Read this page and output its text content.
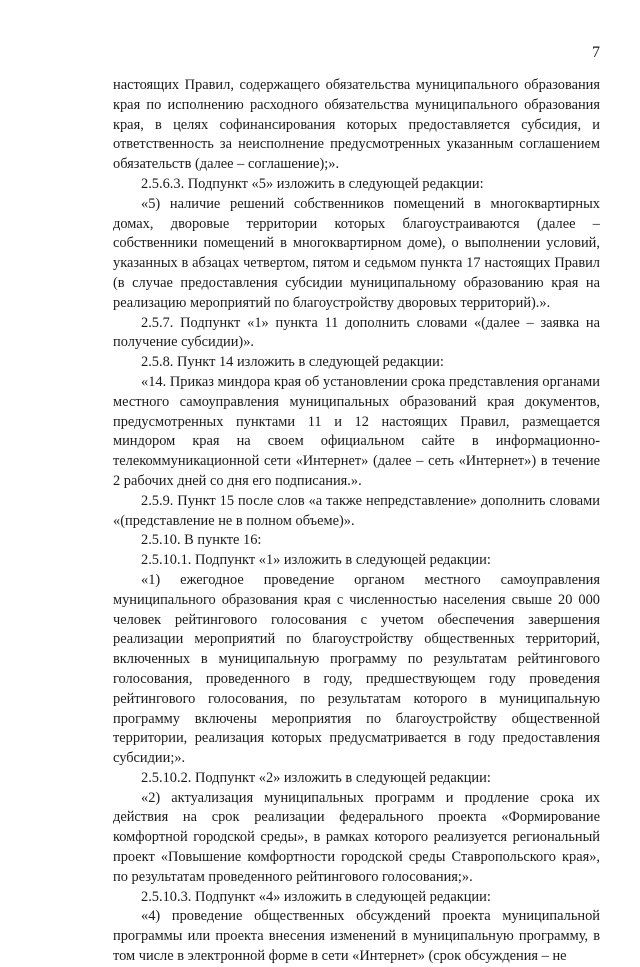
7

настоящих Правил, содержащего обязательства муниципального образования края по исполнению расходного обязательства муниципального образования края, в целях софинансирования которых предоставляется субсидия, и ответственность за неисполнение предусмотренных указанным соглашением обязательств (далее – соглашение);».

2.5.6.3. Подпункт «5» изложить в следующей редакции:

«5) наличие решений собственников помещений в многоквартирных домах, дворовые территории которых благоустраиваются (далее – собственники помещений в многоквартирном доме), о выполнении условий, указанных в абзацах четвертом, пятом и седьмом пункта 17 настоящих Правил (в случае предоставления субсидии муниципальному образованию края на реализацию мероприятий по благоустройству дворовых территорий).».

2.5.7. Подпункт «1» пункта 11 дополнить словами «(далее – заявка на получение субсидии)».

2.5.8. Пункт 14 изложить в следующей редакции:

«14. Приказ миндора края об установлении срока представления органами местного самоуправления муниципальных образований края документов, предусмотренных пунктами 11 и 12 настоящих Правил, размещается миндором края на своем официальном сайте в информационно-телекоммуникационной сети «Интернет» (далее – сеть «Интернет») в течение 2 рабочих дней со дня его подписания.».

2.5.9. Пункт 15 после слов «а также непредставление» дополнить словами «(представление не в полном объеме)».

2.5.10. В пункте 16:

2.5.10.1. Подпункт «1» изложить в следующей редакции:

«1) ежегодное проведение органом местного самоуправления муниципального образования края с численностью населения свыше 20 000 человек рейтингового голосования с учетом обеспечения завершения реализации мероприятий по благоустройству общественных территорий, включенных в муниципальную программу по результатам рейтингового голосования, проведенного в году, предшествующем году проведения рейтингового голосования, по результатам которого в муниципальную программу включены мероприятия по благоустройству общественной территории, реализация которых предусматривается в году предоставления субсидии;».

2.5.10.2. Подпункт «2» изложить в следующей редакции:

«2) актуализация муниципальных программ и продление срока их действия на срок реализации федерального проекта «Формирование комфортной городской среды», в рамках которого реализуется региональный проект «Повышение комфортности городской среды Ставропольского края», по результатам проведенного рейтингового голосования;».

2.5.10.3. Подпункт «4» изложить в следующей редакции:

«4) проведение общественных обсуждений проекта муниципальной программы или проекта внесения изменений в муниципальную программу, в том числе в электронной форме в сети «Интернет» (срок обсуждения – не
